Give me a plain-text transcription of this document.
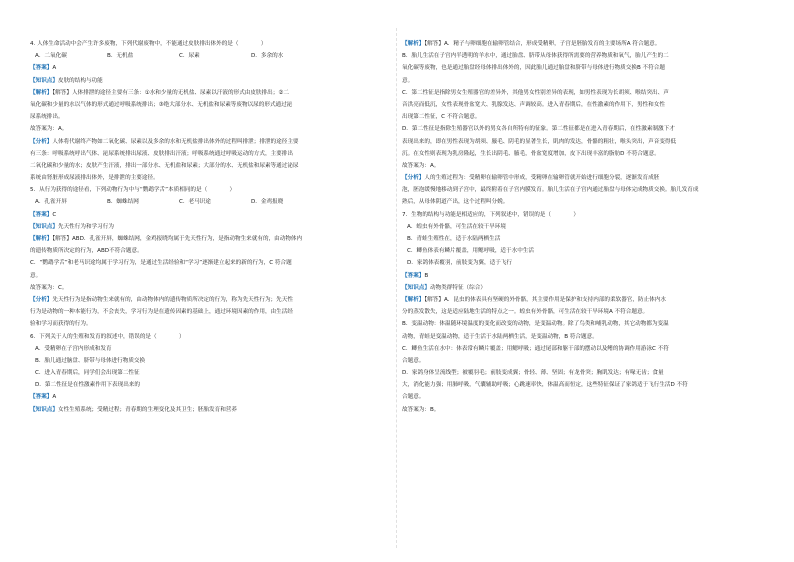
4. 人体生命活动中会产生许多废物，下列代谢废物中，不能通过皮肤排出体外的是（　　　　）
A．二氧化碳	B．无机盐	C．尿素	D．多余的水
【答案】A
【知识点】皮肤的结构与功能
【解析】【解答】人体排泄的途径主要有三条：①水和少量的无机盐、尿素以汗液的形式由皮肤排出；②二
氧化碳和少量的水以气体的形式通过呼吸系统排出；③绝大部分水、无机盐和尿素等废物以尿的形式通过泌
尿系统排出。
故答案为：A。
【分析】人体将代谢终产物如二氧化碳、尿素以及多余的水和无机盐排出体外的过程叫排泄；排泄的途径主要
有三条：呼吸系统呼出气体、泌尿系统排出尿液、皮肤排出汗液；呼吸系统通过呼吸运动的方式，主要排出
二氧化碳和少量的水；皮肤产生汗液，排出一部分水、无机盐和尿素；大部分的水、无机盐和尿素等通过泌尿
系统由肾脏形成尿液排出体外，是排泄的主要途径。
5．从行为获得的途径看，下列动物行为中与“鹦鹉学舌”本质相同的是（　　　　）
A．孔雀开屏	B．蜘蛛结网	C．老马识途	D．金鸡报晓
【答案】C
【知识点】先天性行为和学习行为
【解析】【解答】ABD．孔雀开屏，蜘蛛结网，金鸡报晓均属于先天性行为，是指动物生来就有的，由动物体内
的遗传物质所决定的行为，ABD不符合题意。
C．“鹦鹉学舌”和老马识途均属于学习行为，是通过生活经验和“学习”逐渐建立起来的新的行为，C 符合题
意。
故答案为：C。
【分析】先天性行为是指动物生来就有的，由动物体内的遗传物质所决定的行为，称为先天性行为；先天性
行为是动物的一种本能行为，不会丧失，学习行为是在遗传因素的基础上，通过环境因素的作用，由生活经
验和学习而获得的行为。
6．下列关于人的生殖和发育的叙述中，错误的是（　　　　）
A．受精卵在子宫内形成和发育
B．胎儿通过脑盘、脐带与母体进行物质交换
C．进入青春期后，同学们会出现第二性征
D．第二性征是在性激素作用下表现出来的
【答案】A
【知识点】女性生殖系统；受精过程；青春期的生理变化及其卫生；胚胎发育和营养
【解析】【解答】A．精子与卵细胞在输卵管结合，形成受精卵，子宫是胚胎发育的主要场所A 符合题意。
B．胎儿生活在子宫内半透明的羊水中，通过胎盘、脐带从母体获得所需要的营养物质和氧气，胎儿产生的二
氧化碳等废物，也是通过胎盘经母体排出体外的，因此胎儿通过胎盘和脐带与母体进行物质交换B 不符合题
意。
C．第二性征是指除男女生殖器官的差异外，其他男女性别差异的表现，如男性表现为长胡须、喉结突出、声
音洪亮而低沉，女性表现骨盆宽大、乳腺发达、声调较高。进入青春期后，在性激素的作用下，男性和女性
出现第二性征，C 不符合题意。
D．第二性征是指除生殖器官以外的男女各自所特有的征象。第二性征都是在进入青春期后，在性激素制激下才
表现出来的，即在男性表现为胡须、腋毛、阴毛的显著生长，肌肉的发达，骨骼的粗壮，喉头突出，声音变得低
沉。在女性则表现为乳房隆起，生长出阴毛、腋毛，骨盆宽度增加，皮下出现丰富的脂肪D 不符合题意。
故答案为：A。
【分析】人的生殖过程为：受精卵在输卵管中形成，受精卵在输卵管就开始进行细胞分裂，逐渐发育成胚
泡，胚泡缓慢地移动到子宫中，最终附着在子宫内膜发育。胎儿生活在子宫内通过胎盘与母体完成物质交换。胎儿发育成
熟后，从母体阴道产出，这个过程叫分娩。
7．生物的结构与功能是相适应的，下列叙述中，错误的是（　　　　）
A．蝗虫有外骨骼，可生活在较干旱环境
B．青蛙生殖性在，适于水陆两栖生活
C．鲫鱼体表有鳞片覆盖，用鳃呼吸，适于水中生活
D．家鸽体表覆羽，前肢变为翼，适于飞行
【答案】B
【知识点】动物类群特征（综合）
【解析】【解答】A．昆虫的体表具有坚硬的外骨骼，其主要作用是保护和支持内部的柔软器官，防止体内水
分的蒸发散失，这是适应陆地生活的特点之一。蝗虫有外骨骼，可生活在较干旱环境A 不符合题意。
B．变温动物：体温随环境温度的变化而改变的动物，是变温动物。除了鸟类和哺乳动物，其它动物都为变温
动物，青蛙是变温动物，适于生活于水陆两栖生活，是变温动物，B 符合题意。
C．鲫鱼生活在水中：体表常有鳞片覆盖；用鳃呼吸；通过尾部和躯干部的摆动以及鳍的协调作用游泳C 不符
合题意。
D．家鸽身体呈流线型；被覆羽毛；前肢变成翼；骨轻、薄、坚固；有龙骨突；胸肌发达；有喙无齿；食量
大，消化能力强；用肺呼吸，气囊辅助呼吸；心跳速率快，体温高而恒定，这些特征保证了家鸽适于飞行生活D 不符
合题意。
故答案为：B。
